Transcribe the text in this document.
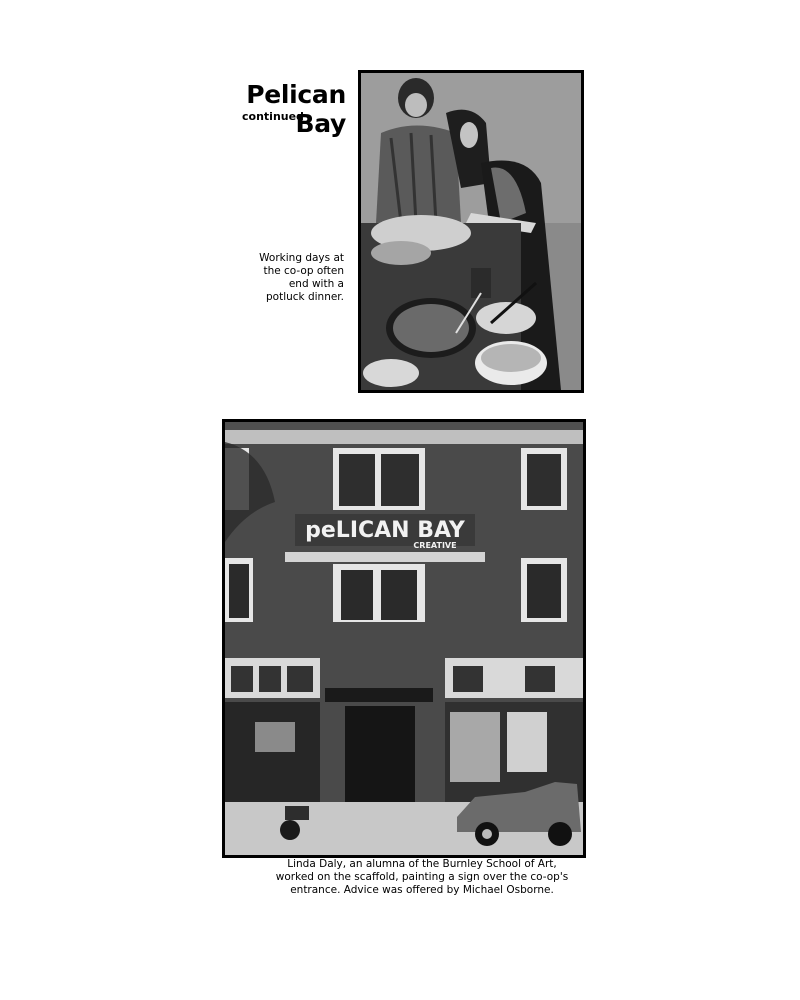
Pelican Bay
continued
Working days at
the co-op often
end with a
potluck dinner.
peLICAN BAY
CREATIVE
Linda Daly, an alumna of the Burnley School of Art,
worked on the scaffold, painting a sign over the co-op's
entrance. Advice was offered by Michael Osborne.
